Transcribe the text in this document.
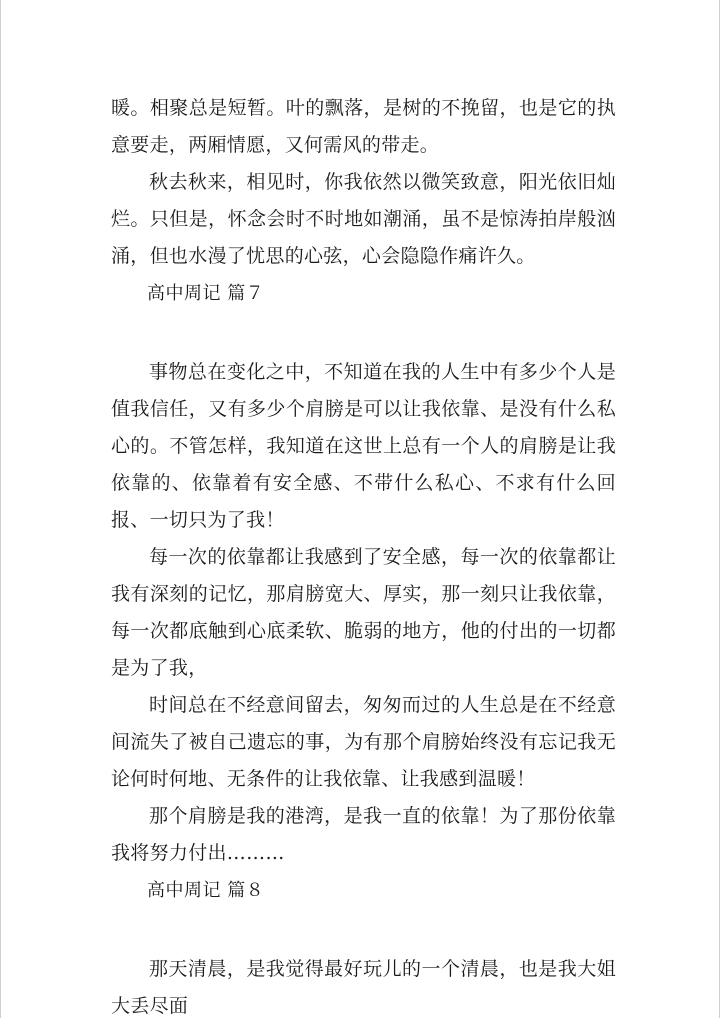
暖。相聚总是短暂。叶的飘落，是树的不挽留，也是它的执意要走，两厢情愿，又何需风的带走。

秋去秋来，相见时，你我依然以微笑致意，阳光依旧灿烂。只但是，怀念会时不时地如潮涌，虽不是惊涛拍岸般汹涌，但也水漫了忧思的心弦，心会隐隐作痛许久。

高中周记 篇７

事物总在变化之中，不知道在我的人生中有多少个人是值我信任，又有多少个肩膀是可以让我依靠、是没有什么私心的。不管怎样，我知道在这世上总有一个人的肩膀是让我依靠的、依靠着有安全感、不带什么私心、不求有什么回报、一切只为了我！

每一次的依靠都让我感到了安全感，每一次的依靠都让我有深刻的记忆，那肩膀宽大、厚实，那一刻只让我依靠，每一次都底触到心底柔软、脆弱的地方，他的付出的一切都是为了我，

时间总在不经意间留去，匆匆而过的人生总是在不经意间流失了被自己遗忘的事，为有那个肩膀始终没有忘记我无论何时何地、无条件的让我依靠、让我感到温暖！

那个肩膀是我的港湾，是我一直的依靠！为了那份依靠我将努力付出………

高中周记 篇８

那天清晨，是我觉得最好玩儿的一个清晨，也是我大姐大丢尽面
